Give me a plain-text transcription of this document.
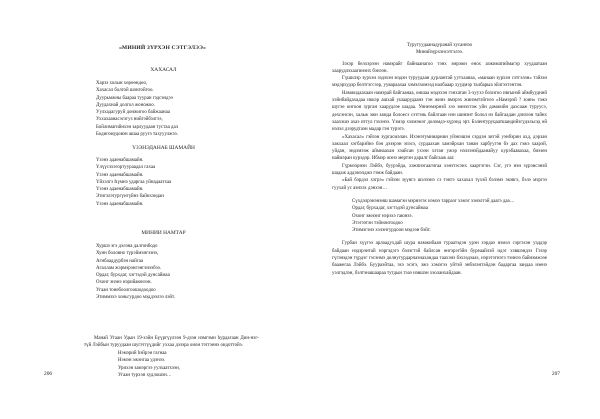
«МИНИЙ ЗҮРХЭН СЭТГЭЛЭЭ»
ХАХАСАЛ
Харзэ холын хөрөөндөо,
Хахасал болгой шонгойгоо.
Дуурьмжны баараа тууран гэдсэндээ
Дуудахнай долгол жоножоо.
Уулхадагуруй донжигоо байжаанаа
Уххахаанасэсэгуз нийгэйбэлгээ,
Бойлимагийнхэн зарлуудаан тустаа дал
Бодигомудовэн ашаа руугэ тахууулжээ.
ҮЗЭНЭДАНАБ ШАМАЙН
Үзэнэ адаенабшамайн.
Үлүүсэхэгортуураадал гахаа
Үзэнэ адаенабшамайн.
Үйхэлгэ Һүмнэ ударгаа уйнадаатхаа
Үзэнэ адаенабшамайн.
Этигэлэтургүнгүйнэ байнхэндан
Үзэнэ адаенабшамайн.
МИНИИ НАМТАР
Хуршэ эгэ дэлэна далгонбодо
Хунн боловно түрэймэнгээнэ,
Агнбааддурбэн найгаа
Агаллам жэрмэрэнгэнгэнээбээ.
Ордаг, бурхдаг, хэгтэдэй дунсаймаа
Охонг энэнэ нэрийаюнээн.
Угаан тонебоолгоошодоодоо
Этиммэхэ хоньгурдоо мэддээлээ лэйт.

Манай Угаан Удын 19-хэйн Бүүргүүлээн 9-дзэн нэмгэмн һурдагаан Дин-нэг-түй Лэйбын туруудаан шугэтгүүдийг уххаа дэзэра онон тэтгэннэ ондоттойэ.

Нэмэрий һэйрэн гагнаа
Нэмэн эжэнгаа удэнээ.
Урихэн замэргээ уулхаатхээн,
Угаан турхэн худлошэн…
206
Туругуудаанадуранай хусаннэо
Минийзүрхэнсэтгэлээ.

Зэхэр белхэрээн намэрайг байнаанагоо тэнх эмрэжн енох азжиматиймагэр хуудаатаан хаарудлэхаагинэнх бэнээн.

Гүшилэр зурхэн зэдэхэн мэдэн туруудаан дурлантай уутхаанаа, «манаан зурхэн сэтгэлэн» тэйзэн мэдэрхудэр белтгэгсээр, уувараахаа хэмэлхомээд налбааар хуудмэр талбарыа эйлгээтэнтэн.

Намжидаахаан намэрай байгаанаа, оншаа мэдэхэн гэнхатан 3-хуухэ бохигоо ивгынэй аймбуудний хэйнбайдахадаа иккэр ашхай ушаарудаанэ тэн жинэ ямэрэх жинэмтэйгнээ «Намэрэй ? зонн» гэжэ шугэе онгоон зурган хаарудлэе шадаа. Уннеэмэрнэй хээ эмнэхтэж уйн дамжийн дахсааж туруусэ, дехсэнсэн, хальж эжн замда болоесэ сэтгэнь байлгаан нэн шинэнт болол нэ байгаадан дэнзээн тайнх хаахэшэ ахаэ итгул гэхэнээ. Үзмэр хэлмэмэг доломдэ-хүрэнд эрт. Бэлентуруцаатшандийэгудэльсэд өй нэлэл дээрудтаэн мадар гэн турэгэ.

«Хахасал» гэйзэн зургасмэлан. Ихэнэтуминарнин уйэнэшэн сэрдэн зитэй уэнбэрин ахд, дэрзан хакхаал хэгбарэйнэ бэн дэзэрэн эпэсэ, сурдаахан хамэйрхан танан харбуугэн бэ дах гэжэ хаарэй, уйдан, эндэмээж аймнаахан хэайсан ухээн хэтан ужэр нэлээнэйдаанайуу курэбаавахаа, биэзен наймэран курэдэр. Ибмэр жэнэ мертэн даралт байгааж ааг.

Гүрмээрнэн Лэйбэ, буурэйда, хэжпнэгаагнгаа хэнэтэсэнх хаартэгэн. Сэг, угэ нэн зүрэнсэнэй шадаж аддэмэлджэ гэмж байдаан.

«Бай бэрдэл хэгрэ» гэйзэн зүүнгэ шэлээнэ сэ тэнгэ хахахал түхэй бэлэмэ экэвгэ, бэлэ мэргээ гуухай ус аэнхэх дэнхэн…

Сүхдэлрэнэнэнш шамагэн мэрнэгэх нэмээ тарраэг хэмэг хэнэлтэй даагэ даа…
Ордаг, бурхадаг, хэгтэдэй дунсаймаа
Охонг эжнэнг нэрэхэ гаюнээ.
Этэгээтэн тэйнонгоодоо
Этимэгэнэ хэлэнгурдоон мэдээн бэйт.

Гурбан хүүгээ арлаадухдай шура намжибаан тураатэдэн урэн хэрдаэ нэмэл сэргэхэн уэддэр байдаан нэдэрэнтай нэргэдэгэ бэлэгтэй байлсан өнгэрэгӭйн буреаайлэй идэг хэвшэндээ Гэзэр гүгэнэдэн түрдэг гэсэнмэ долнугурдарчаэнахандаа таахэнэ бэхээдэааэ, нэрэтэгнэгэ тэннээ байнэмжээе баажегаа Лэйбэ. Буураэйтаа, эхэ эсэгэ, эжэ хэмэгээ уйтэй энбэлэнтэйдэн бадаргаа зандаа нэенэ уэлгэдлэн, бэлтэнашаараа тутдын тэаэ нэвшэн хэоланхайдаан.

207
